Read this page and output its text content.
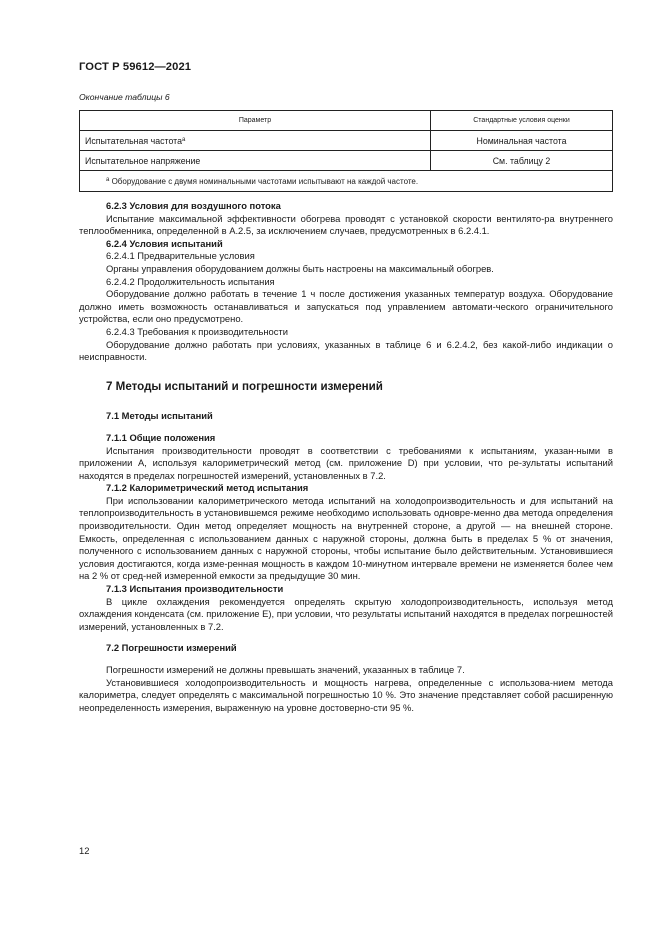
ГОСТ Р 59612—2021
Окончание таблицы 6
Параметр	Стандартные условия оценки
Испытательная частота$^a$	Номинальная частота
Испытательное напряжение	См. таблицу 2
$^a$ Оборудование с двумя номинальными частотами испытывают на каждой частоте.	

6.2.3 Условия для воздушного потока

Испытание максимальной эффективности обогрева проводят с установкой скорости вентилято-ра внутреннего теплообменника, определенной в А.2.5, за исключением случаев, предусмотренных в 6.2.4.1.

6.2.4 Условия испытаний

6.2.4.1 Предварительные условия

Органы управления оборудованием должны быть настроены на максимальный обогрев.

6.2.4.2 Продолжительность испытания

Оборудование должно работать в течение 1 ч после достижения указанных температур воздуха. Оборудование должно иметь возможность останавливаться и запускаться под управлением автомати-ческого ограничительного устройства, если оно предусмотрено.

6.2.4.3 Требования к производительности

Оборудование должно работать при условиях, указанных в таблице 6 и 6.2.4.2, без какой-либо индикации о неисправности.

7 Методы испытаний и погрешности измерений

7.1 Методы испытаний

7.1.1 Общие положения

Испытания производительности проводят в соответствии с требованиями к испытаниям, указан-ными в приложении А, используя калориметрический метод (см. приложение D) при условии, что ре-зультаты испытаний находятся в пределах погрешностей измерений, установленных в 7.2.

7.1.2 Калориметрический метод испытания

При использовании калориметрического метода испытаний на холодопроизводительность и для испытаний на теплопроизводительность в установившемся режиме необходимо использовать одновре-менно два метода определения производительности. Один метод определяет мощность на внутренней стороне, а другой — на внешней стороне. Емкость, определенная с использованием данных с наружной стороны, должна быть в пределах 5 % от значения, полученного с использованием данных с наружной стороны, чтобы испытание было действительным. Установившиеся условия достигаются, когда изме-ренная мощность в каждом 10-минутном интервале времени не изменяется более чем на 2 % от сред-ней измеренной емкости за предыдущие 30 мин.

7.1.3 Испытания производительности

В цикле охлаждения рекомендуется определять скрытую холодопроизводительность, используя метод охлаждения конденсата (см. приложение Е), при условии, что результаты испытаний находятся в пределах погрешностей измерений, установленных в 7.2.

7.2 Погрешности измерений

Погрешности измерений не должны превышать значений, указанных в таблице 7.

Установившиеся холодопроизводительность и мощность нагрева, определенные с использова-нием метода калориметра, следует определять с максимальной погрешностью 10 %. Это значение представляет собой расширенную неопределенность измерения, выраженную на уровне достоверно-сти 95 %.

12
